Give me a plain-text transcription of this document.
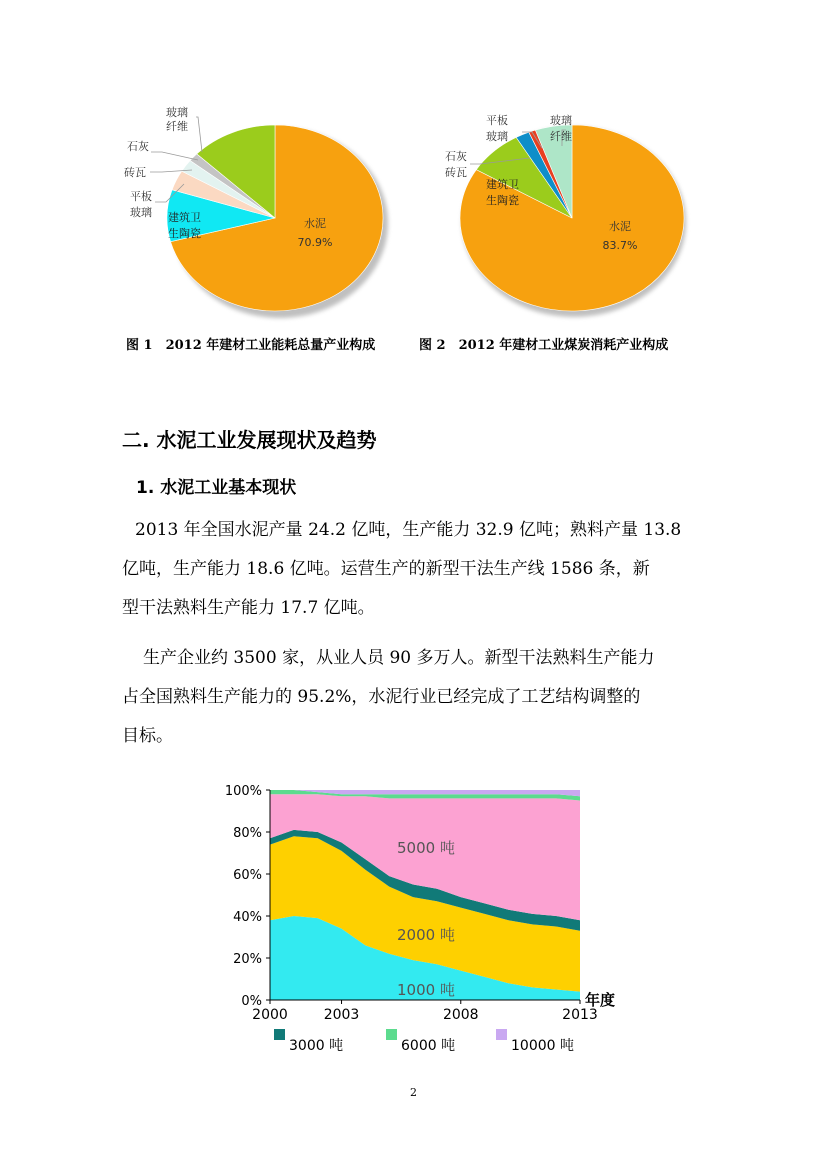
玻璃
纤维
石灰
砖瓦
平板
玻璃 建筑卫
生陶瓷
水泥
70.9%
平板
玻璃
玻璃
纤维
石灰
砖瓦
建筑卫
生陶瓷
水泥
83.7%
图 1　2012 年建材工业能耗总量产业构成	图 2　2012 年建材工业煤炭消耗产业构成
二. 水泥工业发展现状及趋势
1. 水泥工业基本现状
2013 年全国水泥产量 24.2 亿吨，生产能力 32.9 亿吨；熟料产量 13.8
亿吨，生产能力 18.6 亿吨。运营生产的新型干法生产线 1586 条，新
型干法熟料生产能力 17.7 亿吨。
生产企业约 3500 家，从业人员 90 多万人。新型干法熟料生产能力
占全国熟料生产能力的 95.2%，水泥行业已经完成了工艺结构调整的
目标。
0%
20%
40%
60%
80%
100%
2000	2003	2008	2013
年度
5000 吨
2000 吨
1000 吨
3000 吨	6000 吨	10000 吨
2
